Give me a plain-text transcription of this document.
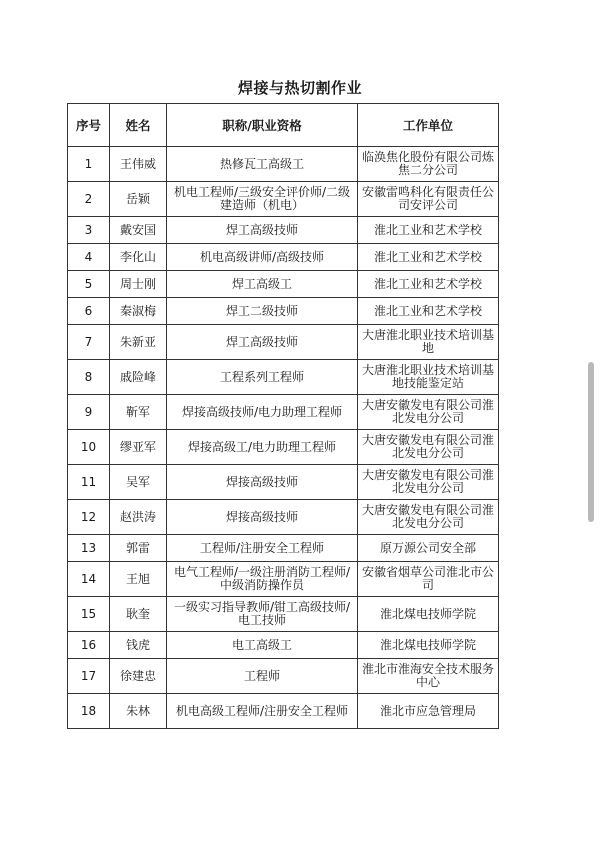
焊接与热切割作业
序号	姓名	职称/职业资格	工作单位
1	王伟威	热修瓦工高级工	临涣焦化股份有限公司炼焦二分公司
2	岳颖	机电工程师/三级安全评价师/二级建造师（机电）	安徽雷鸣科化有限责任公司安评公司
3	戴安国	焊工高级技师	淮北工业和艺术学校
4	李化山	机电高级讲师/高级技师	淮北工业和艺术学校
5	周士刚	焊工高级工	淮北工业和艺术学校
6	秦淑梅	焊工二级技师	淮北工业和艺术学校
7	朱新亚	焊工高级技师	大唐淮北职业技术培训基地
8	戚险峰	工程系列工程师	大唐淮北职业技术培训基地技能鉴定站
9	靳军	焊接高级技师/电力助理工程师	大唐安徽发电有限公司淮北发电分公司
10	缪亚军	焊接高级工/电力助理工程师	大唐安徽发电有限公司淮北发电分公司
11	吴军	焊接高级技师	大唐安徽发电有限公司淮北发电分公司
12	赵洪涛	焊接高级技师	大唐安徽发电有限公司淮北发电分公司
13	郭雷	工程师/注册安全工程师	原万源公司安全部
14	王旭	电气工程师/一级注册消防工程师/中级消防操作员	安徽省烟草公司淮北市公司
15	耿奎	一级实习指导教师/钳工高级技师/电工技师	淮北煤电技师学院
16	钱虎	电工高级工	淮北煤电技师学院
17	徐建忠	工程师	淮北市淮海安全技术服务中心
18	朱林	机电高级工程师/注册安全工程师	淮北市应急管理局
